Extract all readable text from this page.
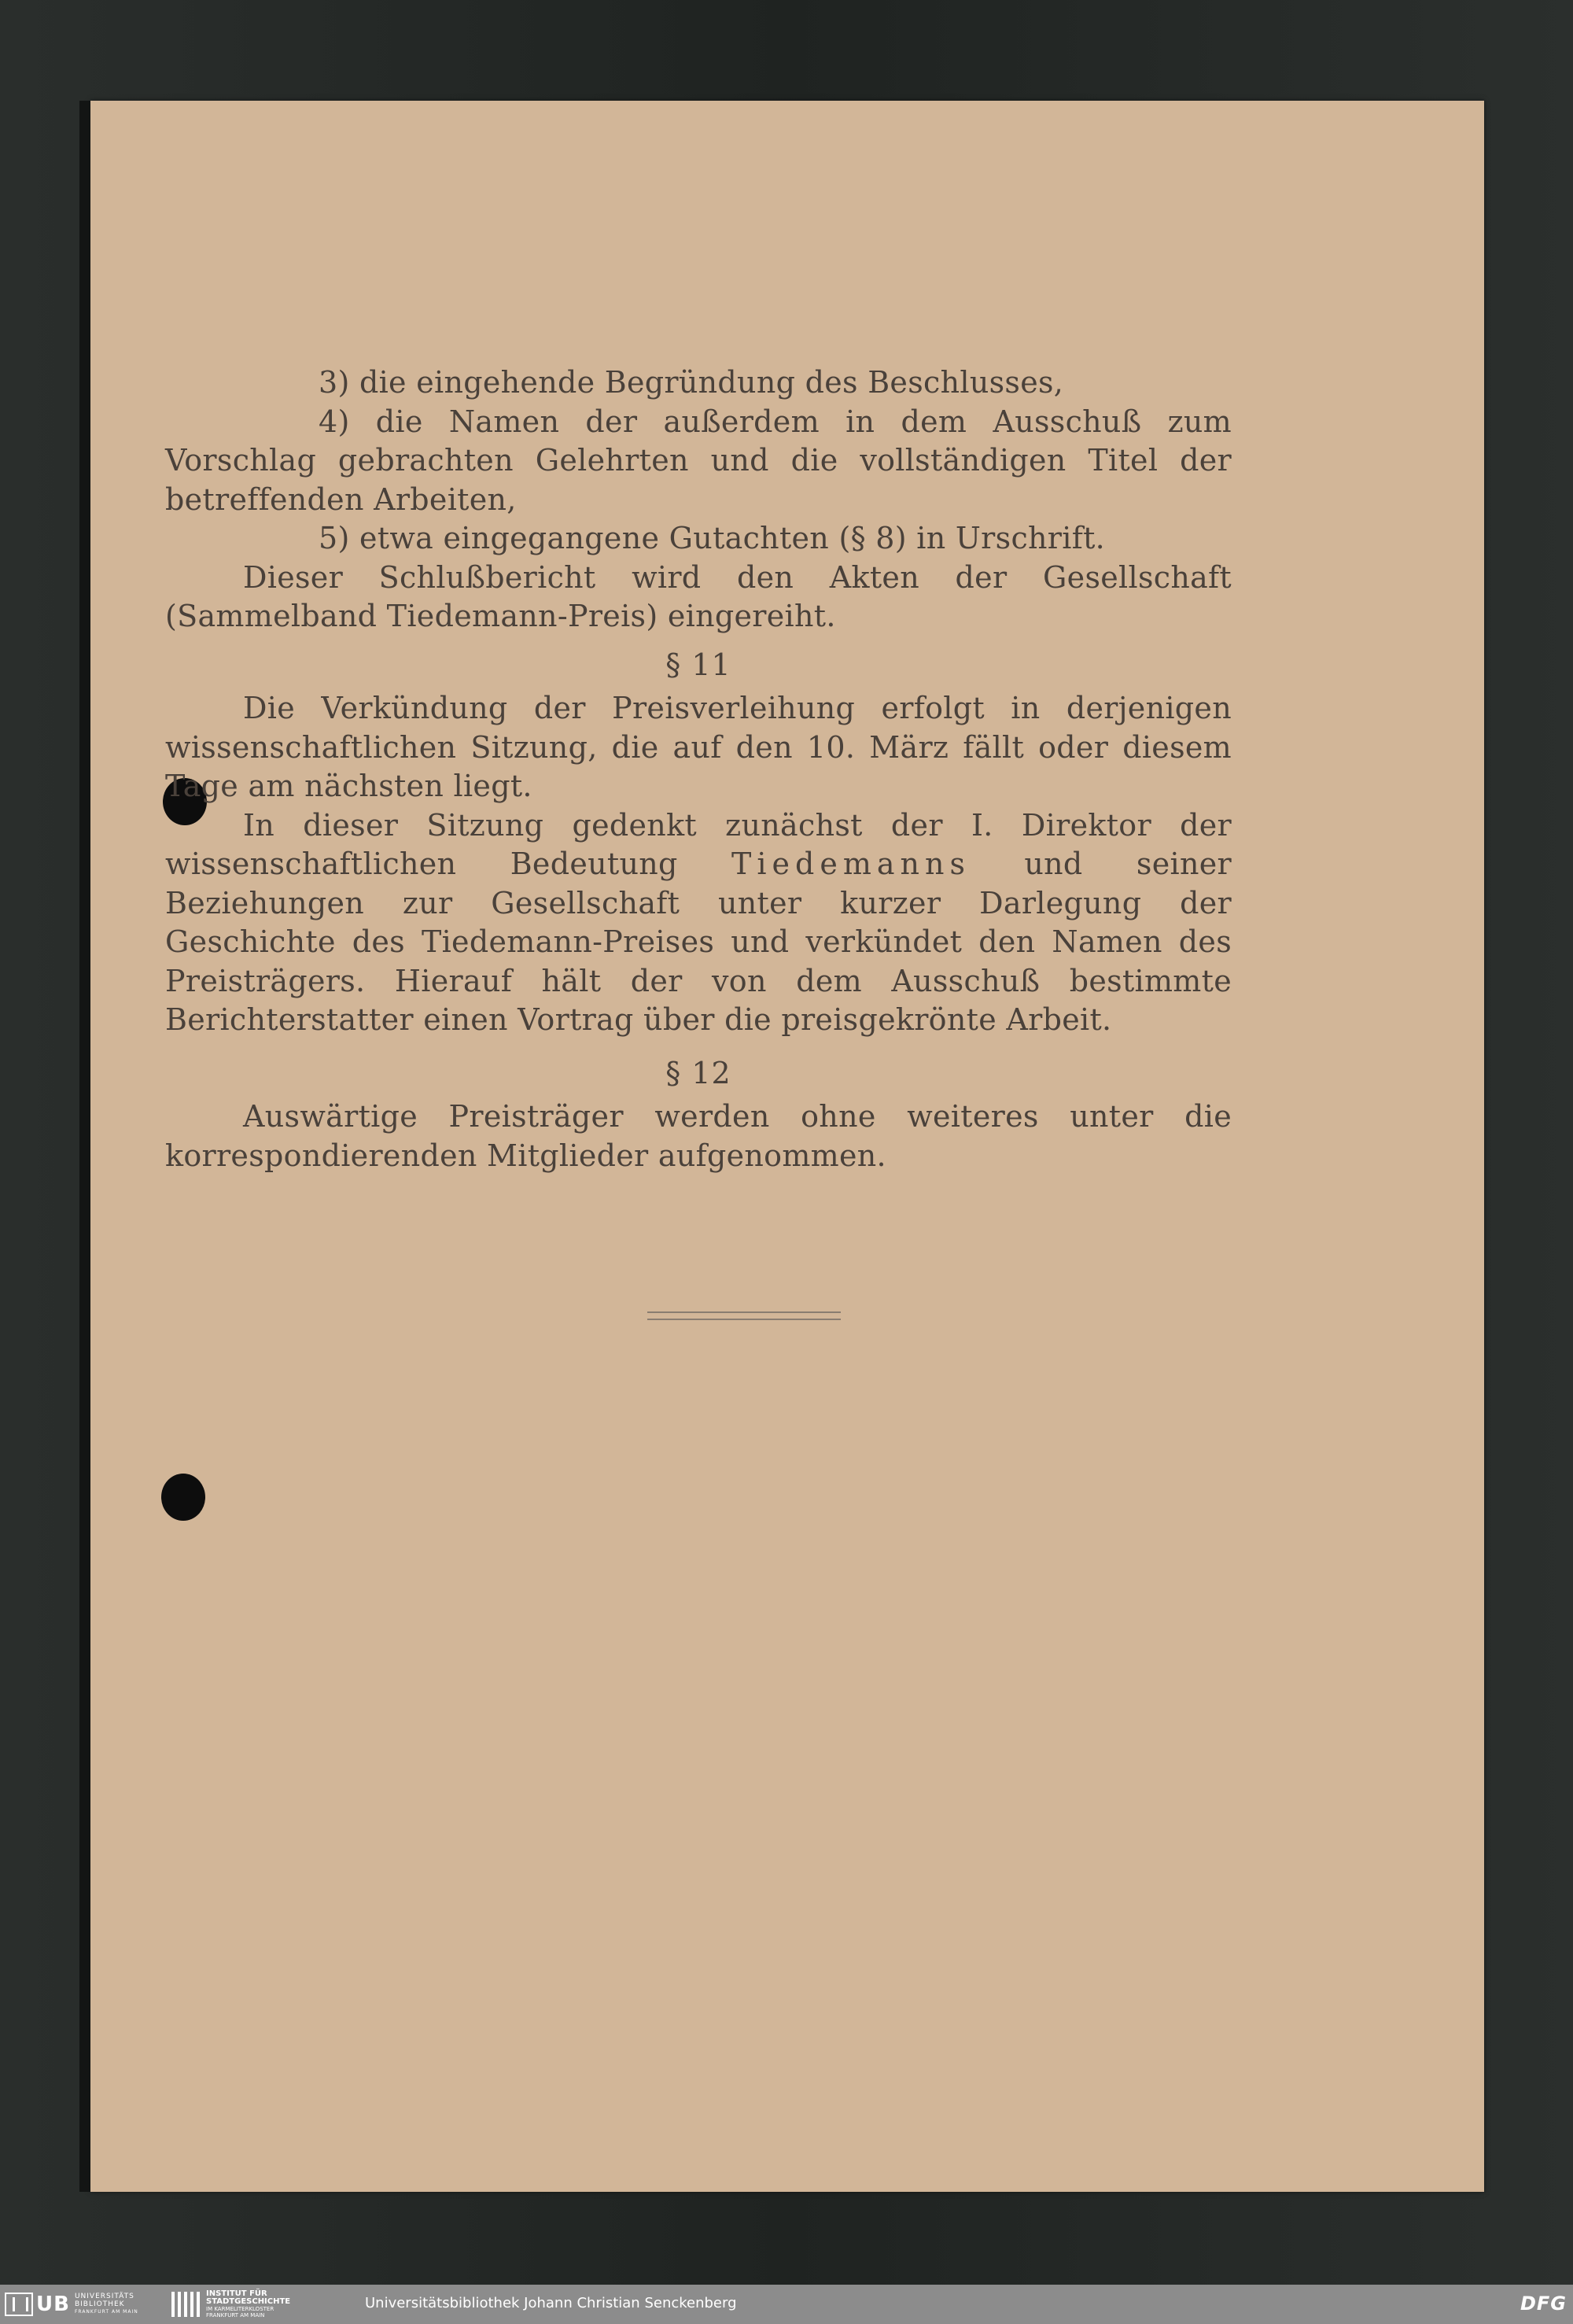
3) die eingehende Begründung des Beschlusses,

4) die Namen der außerdem in dem Ausschuß zum

Vorschlag gebrachten Gelehrten und die vollständigen Titel der betreffenden Arbeiten,

5) etwa eingegangene Gutachten (§ 8) in Urschrift.

Dieser Schlußbericht wird den Akten der Gesellschaft (Sammelband Tiedemann-Preis) eingereiht.

§ 11

Die Verkündung der Preisverleihung erfolgt in derjenigen wissenschaftlichen Sitzung, die auf den 10. März fällt oder diesem Tage am nächsten liegt.

In dieser Sitzung gedenkt zunächst der I. Direktor der wissenschaftlichen Bedeutung Tiedemanns und seiner Beziehungen zur Gesellschaft unter kurzer Darlegung der Geschichte des Tiedemann-Preises und verkündet den Namen des Preisträgers. Hierauf hält der von dem Ausschuß bestimmte Berichterstatter einen Vortrag über die preisgekrönte Arbeit.

§ 12

Auswärtige Preisträger werden ohne weiteres unter die korrespondierenden Mitglieder aufgenommen.

UB UNIVERSITÄTS
BIBLIOTHEK
FRANKFURT AM MAIN
INSTITUT FÜR
STADTGESCHICHTE
IM KARMELITERKLOSTER
FRANKFURT AM MAIN
Universitätsbibliothek Johann Christian Senckenberg	DFG
